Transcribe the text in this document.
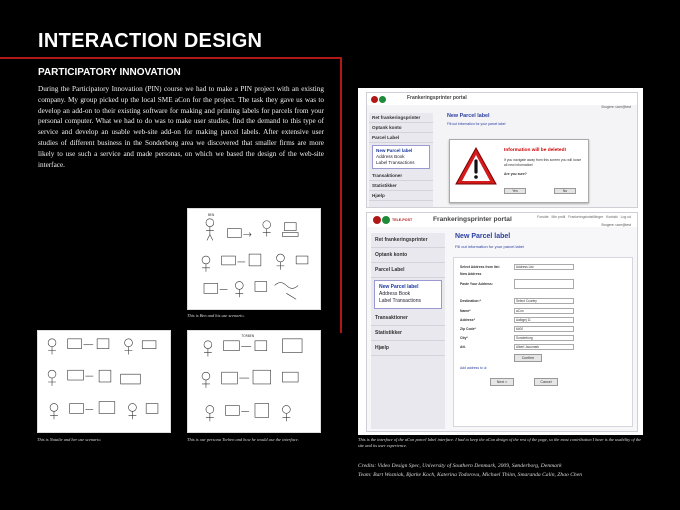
INTERACTION DESIGN
PARTICIPATORY INNOVATION

During the Participatory Innovation (PIN) course we had to make a PIN project with an existing company. My group picked up the local SME aCon for the project. The task they gave us was to develop an add-on to their existing software for making and printing labels for parcels from your personal computer. What we had to do was to make user studies, find the demand to this type of service and develop an usable web-site add-on for making parcel labels. After extensive user studies of different business in the Sonderborg area we discovered that smaller firms are more likely to use such a service and made personas, on which we based the design of the web-site interface.

BEN
This is Ben and his use scenario.
This is Natalie and her use scenario.
TORBEN
This is our persona Torben and how he would use the interface.
Frankeringsprinter portal
Brugere: user@test
Ret frankeringsprinter
Optank konto
Parcel Label
New Parcel label
Address Book
Label Transactions
Transaktioner
Statistikker
Hjælp
New Parcel label
Fill out information for your parcel label
Information will be deleted!
If you navigate away from this screen you will loose all new information!
Are you sure?
Yes	No
TELE-POST	Frankeringsprinter portal	Forside Min profil Frankeringsindstillinger Kontakt Log ud
Brugere: user@test
Ret frankeringsprinter
Optank konto
Parcel Label
New Parcel label
Address Book
Label Transactions
Transaktioner
Statistikker
Hjælp
New Parcel label
Fill out information for your parcel label
Select Address from list:	Address List
New Address
Paste Your Address:
Destination:*	Select Country
Name*	aCon
Address*	Aalbgej 11
Zip Code*	6400
City*	Sonderborg
Att.	Albert Jacumark
Confirm
Add address to ul
Next >	Cancel
This is the interface of the aCon parcel label interface. I had to keep the aCon design of the rest of the page, so the most contribution I have is the usability of the site and its user experience.
Credits: Video Design Spec, University of Southern Denmark, 2009, Sønderborg, Denmark
Team: Bart Wozniak, Bjarke Koch, Katerina Todorova, Michael Thiim, Smaranda Calin, Zhao Chen
